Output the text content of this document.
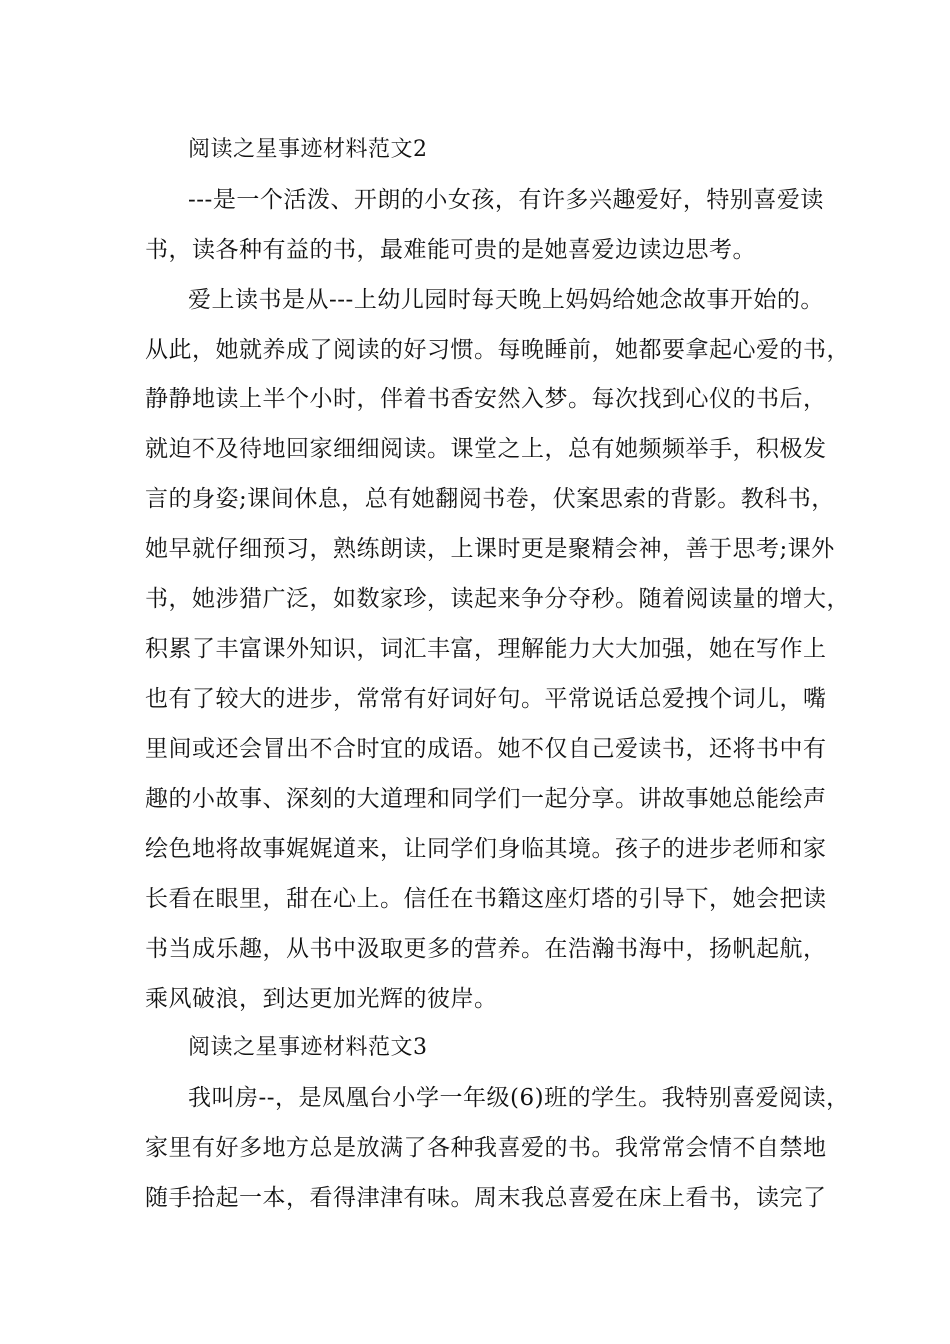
阅读之星事迹材料范文2

---是一个活泼、开朗的小女孩，有许多兴趣爱好，特别喜爱读

书，读各种有益的书，最难能可贵的是她喜爱边读边思考。

爱上读书是从---上幼儿园时每天晚上妈妈给她念故事开始的。

从此，她就养成了阅读的好习惯。每晚睡前，她都要拿起心爱的书，

静静地读上半个小时，伴着书香安然入梦。每次找到心仪的书后，

就迫不及待地回家细细阅读。课堂之上，总有她频频举手，积极发

言的身姿;课间休息，总有她翻阅书卷，伏案思索的背影。教科书，

她早就仔细预习，熟练朗读，上课时更是聚精会神，善于思考;课外

书，她涉猎广泛，如数家珍，读起来争分夺秒。随着阅读量的增大，

积累了丰富课外知识，词汇丰富，理解能力大大加强，她在写作上

也有了较大的进步，常常有好词好句。平常说话总爱拽个词儿，嘴

里间或还会冒出不合时宜的成语。她不仅自己爱读书，还将书中有

趣的小故事、深刻的大道理和同学们一起分享。讲故事她总能绘声

绘色地将故事娓娓道来，让同学们身临其境。孩子的进步老师和家

长看在眼里，甜在心上。信任在书籍这座灯塔的引导下，她会把读

书当成乐趣，从书中汲取更多的营养。在浩瀚书海中，扬帆起航，

乘风破浪，到达更加光辉的彼岸。

阅读之星事迹材料范文3

我叫房--，是凤凰台小学一年级(6)班的学生。我特别喜爱阅读，

家里有好多地方总是放满了各种我喜爱的书。我常常会情不自禁地

随手拾起一本，看得津津有味。周末我总喜爱在床上看书，读完了
